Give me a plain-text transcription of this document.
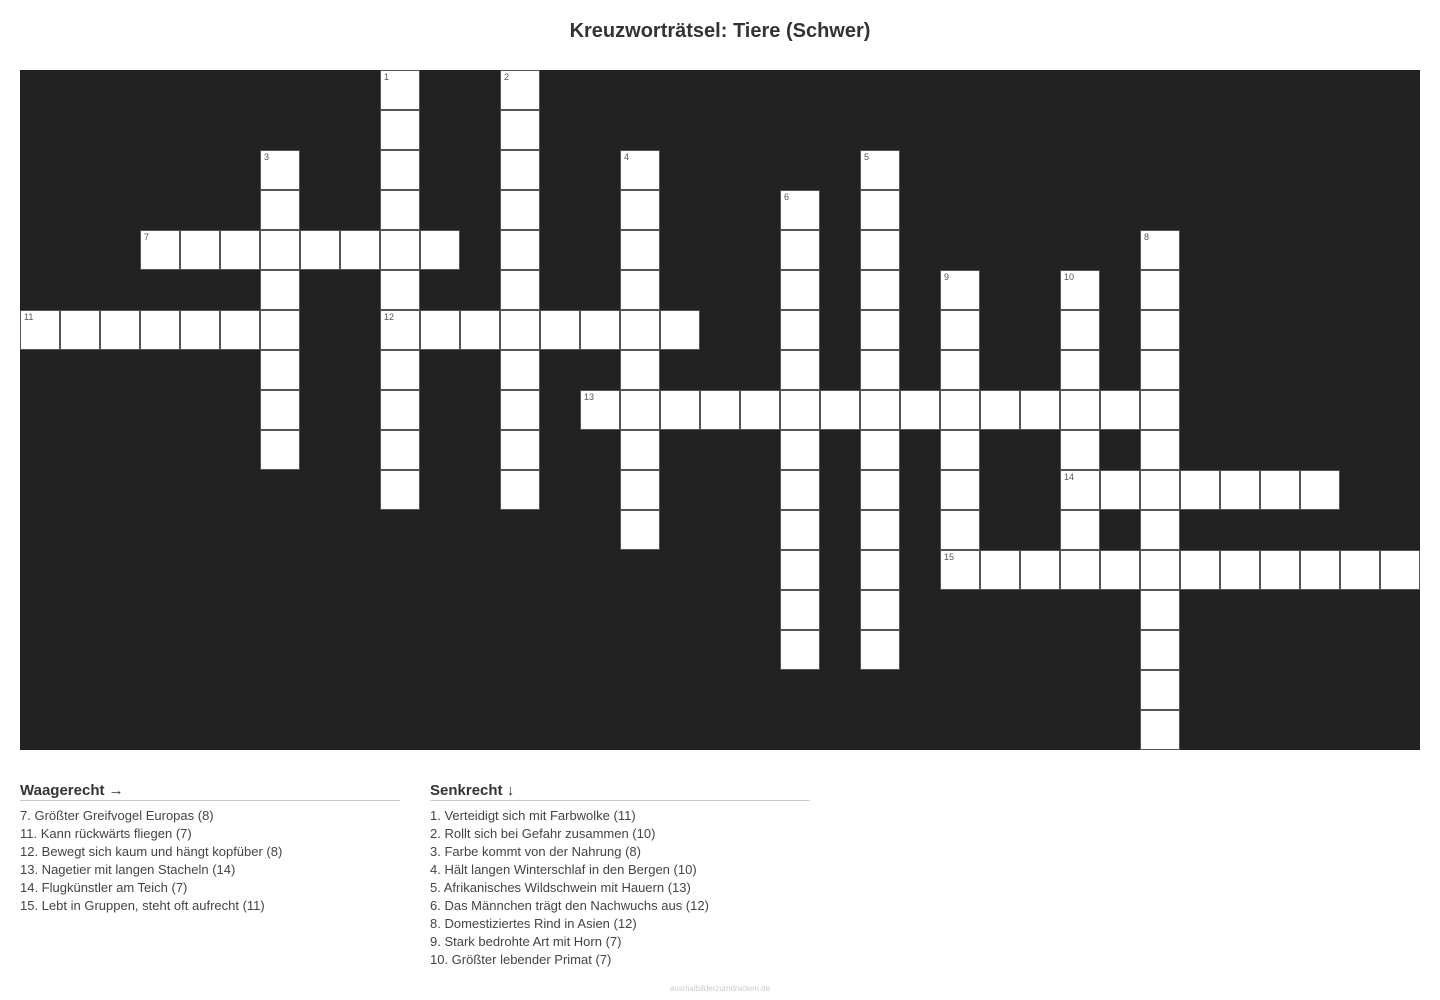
Kreuzworträtsel: Tiere (Schwer)
1
12
2
3	4	5
6
7	8
9	10
14
11
13
15
Waagerecht →
7. Größter Greifvogel Europas (8)
11. Kann rückwärts fliegen (7)
12. Bewegt sich kaum und hängt kopfüber (8)
13. Nagetier mit langen Stacheln (14)
14. Flugkünstler am Teich (7)
15. Lebt in Gruppen, steht oft aufrecht (11)
Senkrecht ↓
1. Verteidigt sich mit Farbwolke (11)
2. Rollt sich bei Gefahr zusammen (10)
3. Farbe kommt von der Nahrung (8)
4. Hält langen Winterschlaf in den Bergen (10)
5. Afrikanisches Wildschwein mit Hauern (13)
6. Das Männchen trägt den Nachwuchs aus (12)
8. Domestiziertes Rind in Asien (12)
9. Stark bedrohte Art mit Horn (7)
10. Größter lebender Primat (7)
ausmalbilderzumdrucken.de
